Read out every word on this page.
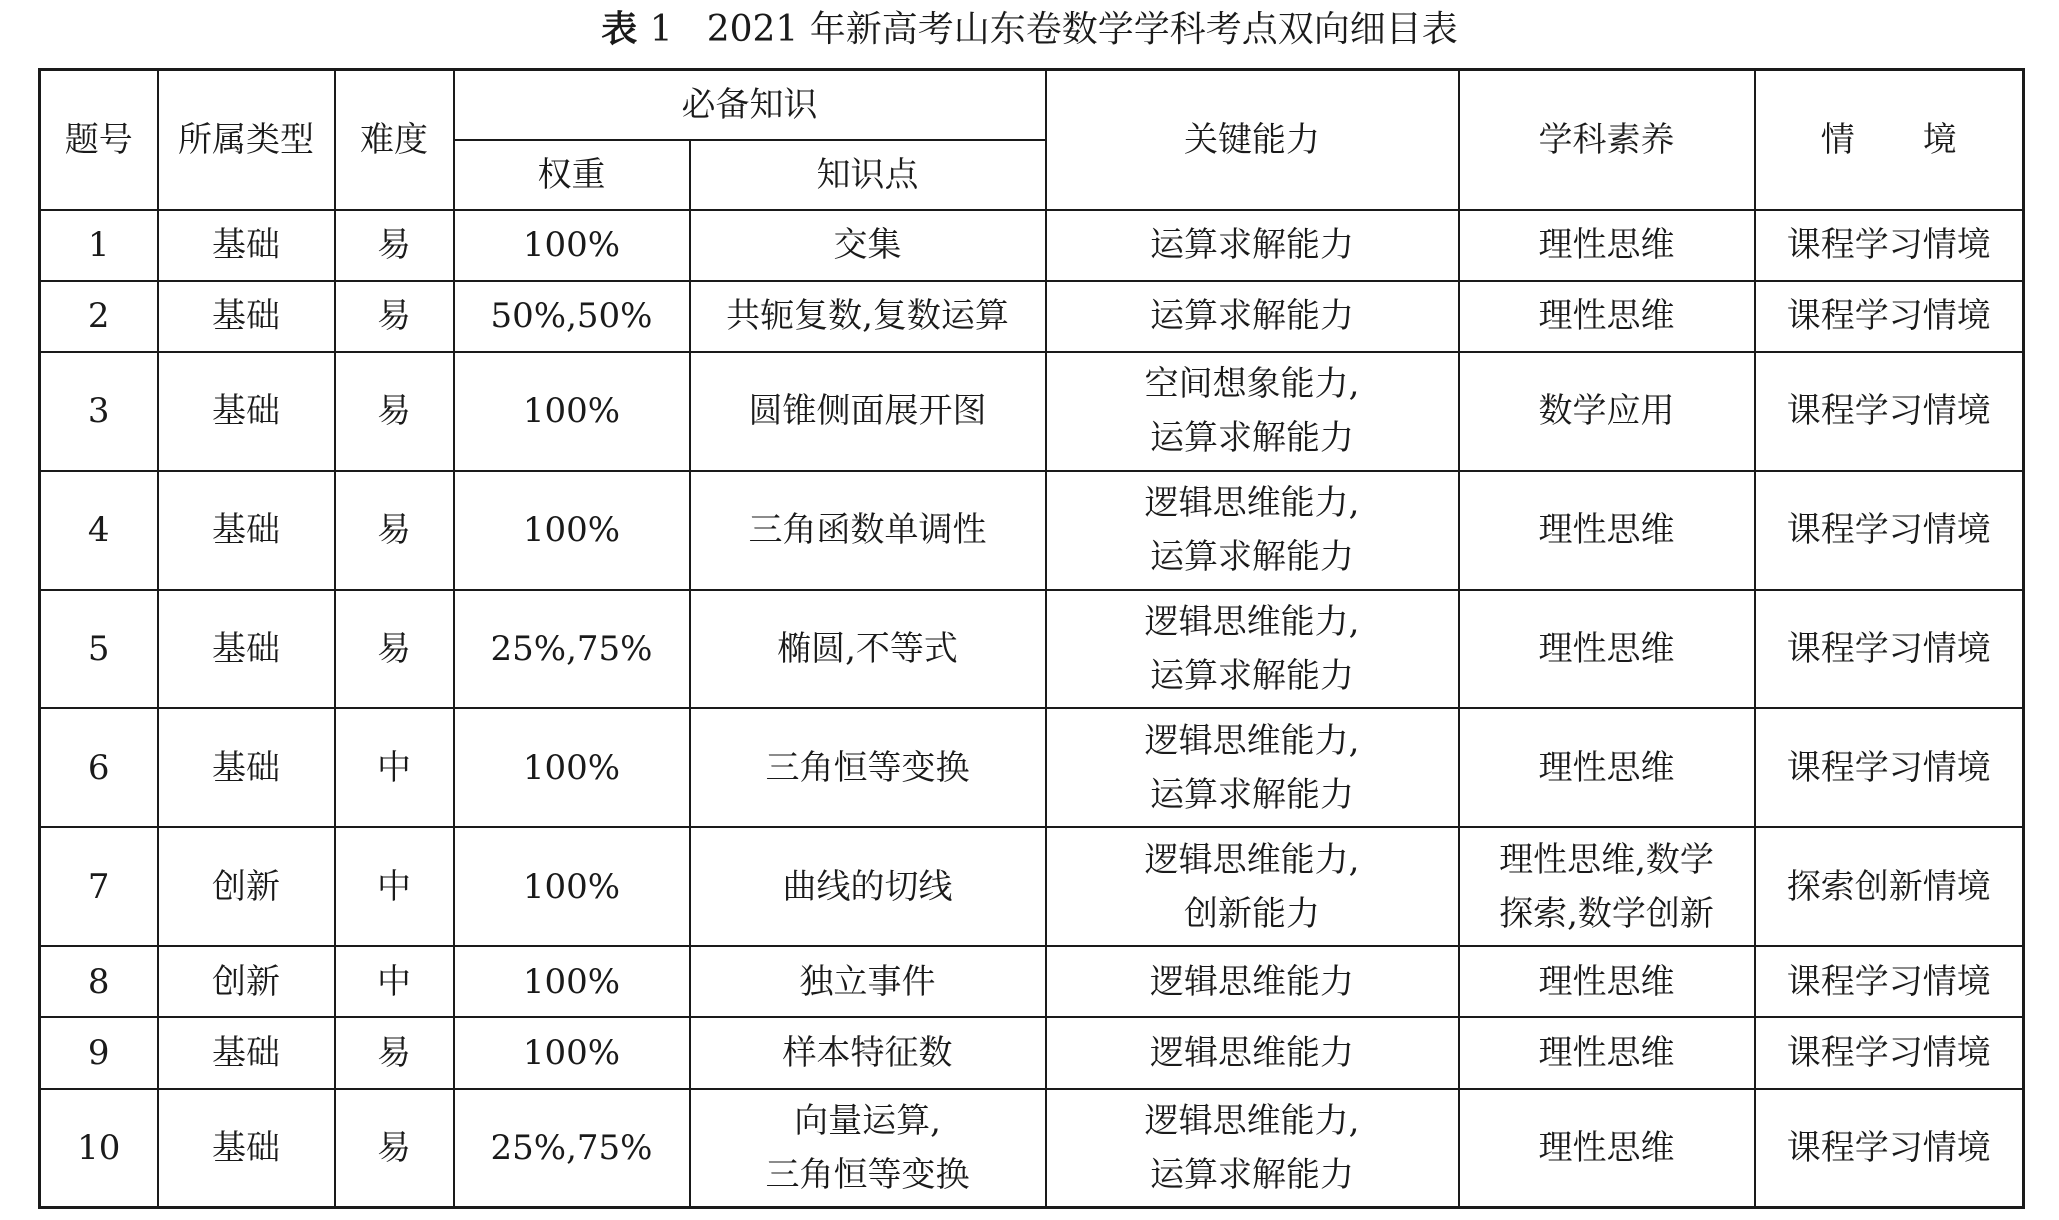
表 1 2021 年新高考山东卷数学学科考点双向细目表
题号	所属类型	难度	必备知识		关键能力	学科素养	情　　境
			权重	知识点			
1	基础	易	100%	交集	运算求解能力	理性思维	课程学习情境
2	基础	易	50%,50%	共轭复数,复数运算	运算求解能力	理性思维	课程学习情境
3	基础	易	100%	圆锥侧面展开图	空间想象能力,
运算求解能力	数学应用	课程学习情境
4	基础	易	100%	三角函数单调性	逻辑思维能力,
运算求解能力	理性思维	课程学习情境
5	基础	易	25%,75%	椭圆,不等式	逻辑思维能力,
运算求解能力	理性思维	课程学习情境
6	基础	中	100%	三角恒等变换	逻辑思维能力,
运算求解能力	理性思维	课程学习情境
7	创新	中	100%	曲线的切线	逻辑思维能力,
创新能力	理性思维,数学
探索,数学创新	探索创新情境
8	创新	中	100%	独立事件	逻辑思维能力	理性思维	课程学习情境
9	基础	易	100%	样本特征数	逻辑思维能力	理性思维	课程学习情境
10	基础	易	25%,75%	向量运算,
三角恒等变换	逻辑思维能力,
运算求解能力	理性思维	课程学习情境
